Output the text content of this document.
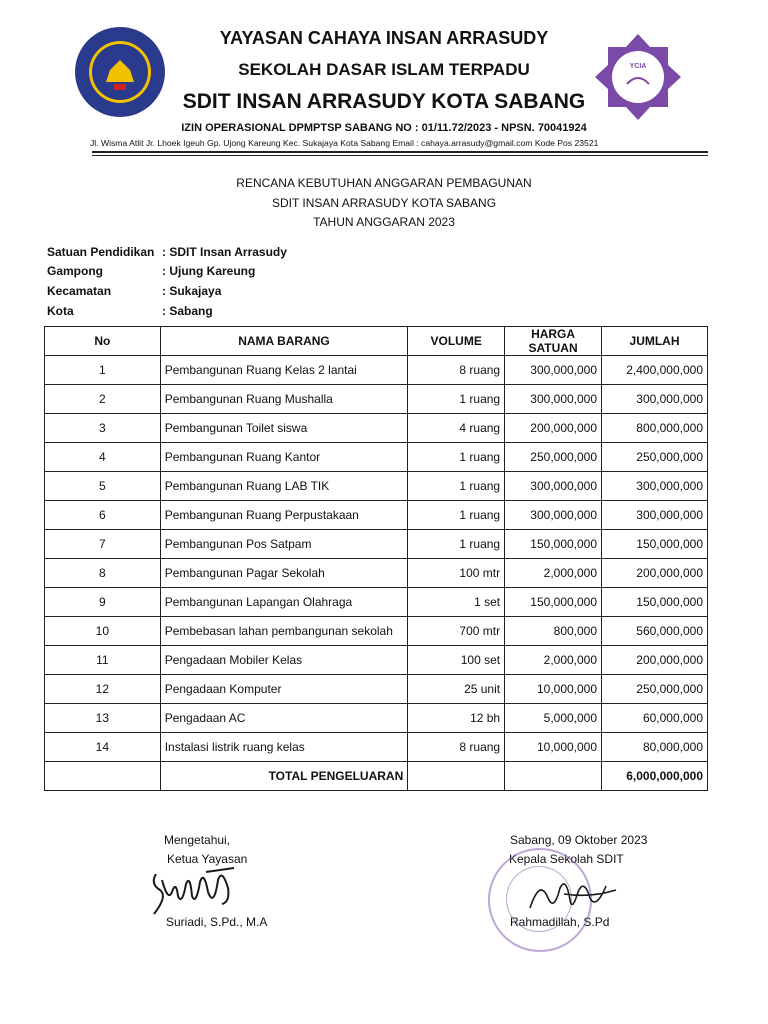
YCIA
YAYASAN CAHAYA INSAN ARRASUDY
SEKOLAH DASAR ISLAM TERPADU
SDIT INSAN ARRASUDY KOTA SABANG
IZIN OPERASIONAL DPMPTSP SABANG NO : 01/11.72/2023 - NPSN. 70041924
Jl. Wisma Atlit Jr. Lhoek Igeuh Gp. Ujong Kareung Kec. Sukajaya Kota Sabang Email : cahaya.arrasudy@gmail.com Kode Pos 23521
RENCANA KEBUTUHAN ANGGARAN PEMBAGUNAN
SDIT INSAN ARRASUDY KOTA SABANG
TAHUN ANGGARAN 2023
Satuan Pendidikan : SDIT Insan Arrasudy
Gampong	: Ujung Kareung
Kecamatan	: Sukajaya
Kota	: Sabang
No	NAMA BARANG	VOLUME	HARGA SATUAN	JUMLAH
1	Pembangunan Ruang Kelas 2 lantai	8 ruang	300,000,000	2,400,000,000
2	Pembangunan Ruang Mushalla	1 ruang	300,000,000	300,000,000
3	Pembangunan Toilet siswa	4 ruang	200,000,000	800,000,000
4	Pembangunan Ruang Kantor	1 ruang	250,000,000	250,000,000
5	Pembangunan Ruang LAB TIK	1 ruang	300,000,000	300,000,000
6	Pembangunan Ruang Perpustakaan	1 ruang	300,000,000	300,000,000
7	Pembangunan Pos Satpam	1 ruang	150,000,000	150,000,000
8	Pembangunan Pagar Sekolah	100 mtr	2,000,000	200,000,000
9	Pembangunan Lapangan Olahraga	1 set	150,000,000	150,000,000
10	Pembebasan lahan pembangunan sekolah	700 mtr	800,000	560,000,000
11	Pengadaan Mobiler Kelas	100 set	2,000,000	200,000,000
12	Pengadaan Komputer	25 unit	10,000,000	250,000,000
13	Pengadaan AC	12 bh	5,000,000	60,000,000
14	Instalasi listrik ruang kelas	8 ruang	10,000,000	80,000,000
	TOTAL PENGELUARAN			6,000,000,000
Mengetahui,
Ketua Yayasan
Suriadi, S.Pd., M.A
Sabang, 09 Oktober 2023
Kepala Sekolah SDIT
Rahmadillah, S.Pd
